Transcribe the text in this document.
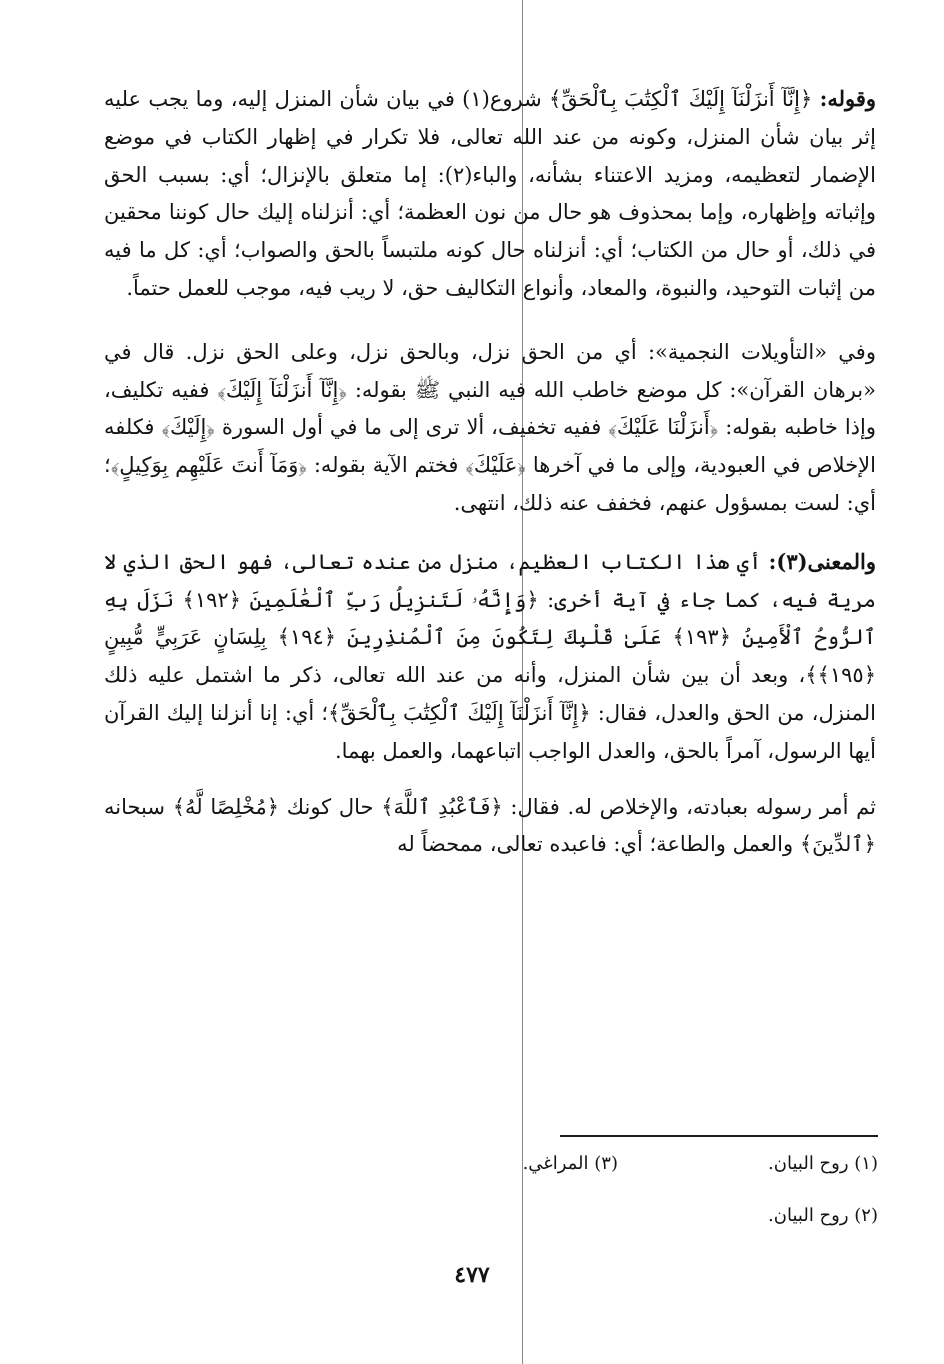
وقوله: ﴿إِنَّآ أَنزَلْنَآ إِلَيْكَ ٱلْكِتَٰبَ بِٱلْحَقِّ﴾ شروع(١) في بيان شأن المنزل إليه، وما يجب عليه إثر بيان شأن المنزل، وكونه من عند الله تعالى، فلا تكرار في إظهار الكتاب في موضع الإضمار لتعظيمه، ومزيد الاعتناء بشأنه، والباء(٢): إما متعلق بالإنزال؛ أي: بسبب الحق وإثباته وإظهاره، وإما بمحذوف هو حال من نون العظمة؛ أي: أنزلناه إليك حال كوننا محقين في ذلك، أو حال من الكتاب؛ أي: أنزلناه حال كونه ملتبساً بالحق والصواب؛ أي: كل ما فيه من إثبات التوحيد، والنبوة، والمعاد، وأنواع التكاليف حق، لا ريب فيه، موجب للعمل حتماً.

وفي «التأويلات النجمية»: أي من الحق نزل، وبالحق نزل، وعلى الحق نزل. قال في «برهان القرآن»: كل موضع خاطب الله فيه النبي ﷺ بقوله: ﴿إِنَّآ أَنزَلْنَآ إِلَيْكَ﴾ ففيه تكليف، وإذا خاطبه بقوله: ﴿أَنزَلْنَا عَلَيْكَ﴾ ففيه تخفيف، ألا ترى إلى ما في أول السورة ﴿إِلَيْكَ﴾ فكلفه الإخلاص في العبودية، وإلى ما في آخرها ﴿عَلَيْكَ﴾ فختم الآية بقوله: ﴿وَمَآ أَنتَ عَلَيْهِم بِوَكِيلٍ﴾؛ أي: لست بمسؤول عنهم، فخفف عنه ذلك، انتهى.

والمعنى(٣): أي هذا الكتاب العظيم، منزل من عنده تعالى، فهو الحق الذي لا مرية فيه، كما جاء في آية أخرى: ﴿وَإِنَّهُۥ لَتَنزِيلُ رَبِّ ٱلْعَٰلَمِينَ ﴿١٩٢﴾ نَزَلَ بِهِ ٱلرُّوحُ ٱلْأَمِينُ ﴿١٩٣﴾ عَلَىٰ قَلْبِكَ لِتَكُونَ مِنَ ٱلْمُنذِرِينَ ﴿١٩٤﴾ بِلِسَانٍ عَرَبِيٍّ مُّبِينٍ ﴿١٩٥﴾﴾، وبعد أن بين شأن المنزل، وأنه من عند الله تعالى، ذكر ما اشتمل عليه ذلك المنزل، من الحق والعدل، فقال: ﴿إِنَّآ أَنزَلْنَآ إِلَيْكَ ٱلْكِتَٰبَ بِٱلْحَقِّ﴾؛ أي: إنا أنزلنا إليك القرآن أيها الرسول، آمراً بالحق، والعدل الواجب اتباعهما، والعمل بهما.

ثم أمر رسوله بعبادته، والإخلاص له. فقال: ﴿فَٱعْبُدِ ٱللَّهَ﴾ حال كونك ﴿مُخْلِصًا لَّهُ﴾ سبحانه ﴿ٱلدِّينَ﴾ والعمل والطاعة؛ أي: فاعبده تعالى، ممحضاً له

(١) روح البيان.
(٣) المراغي.
(٢) روح البيان.
٤٧٧
